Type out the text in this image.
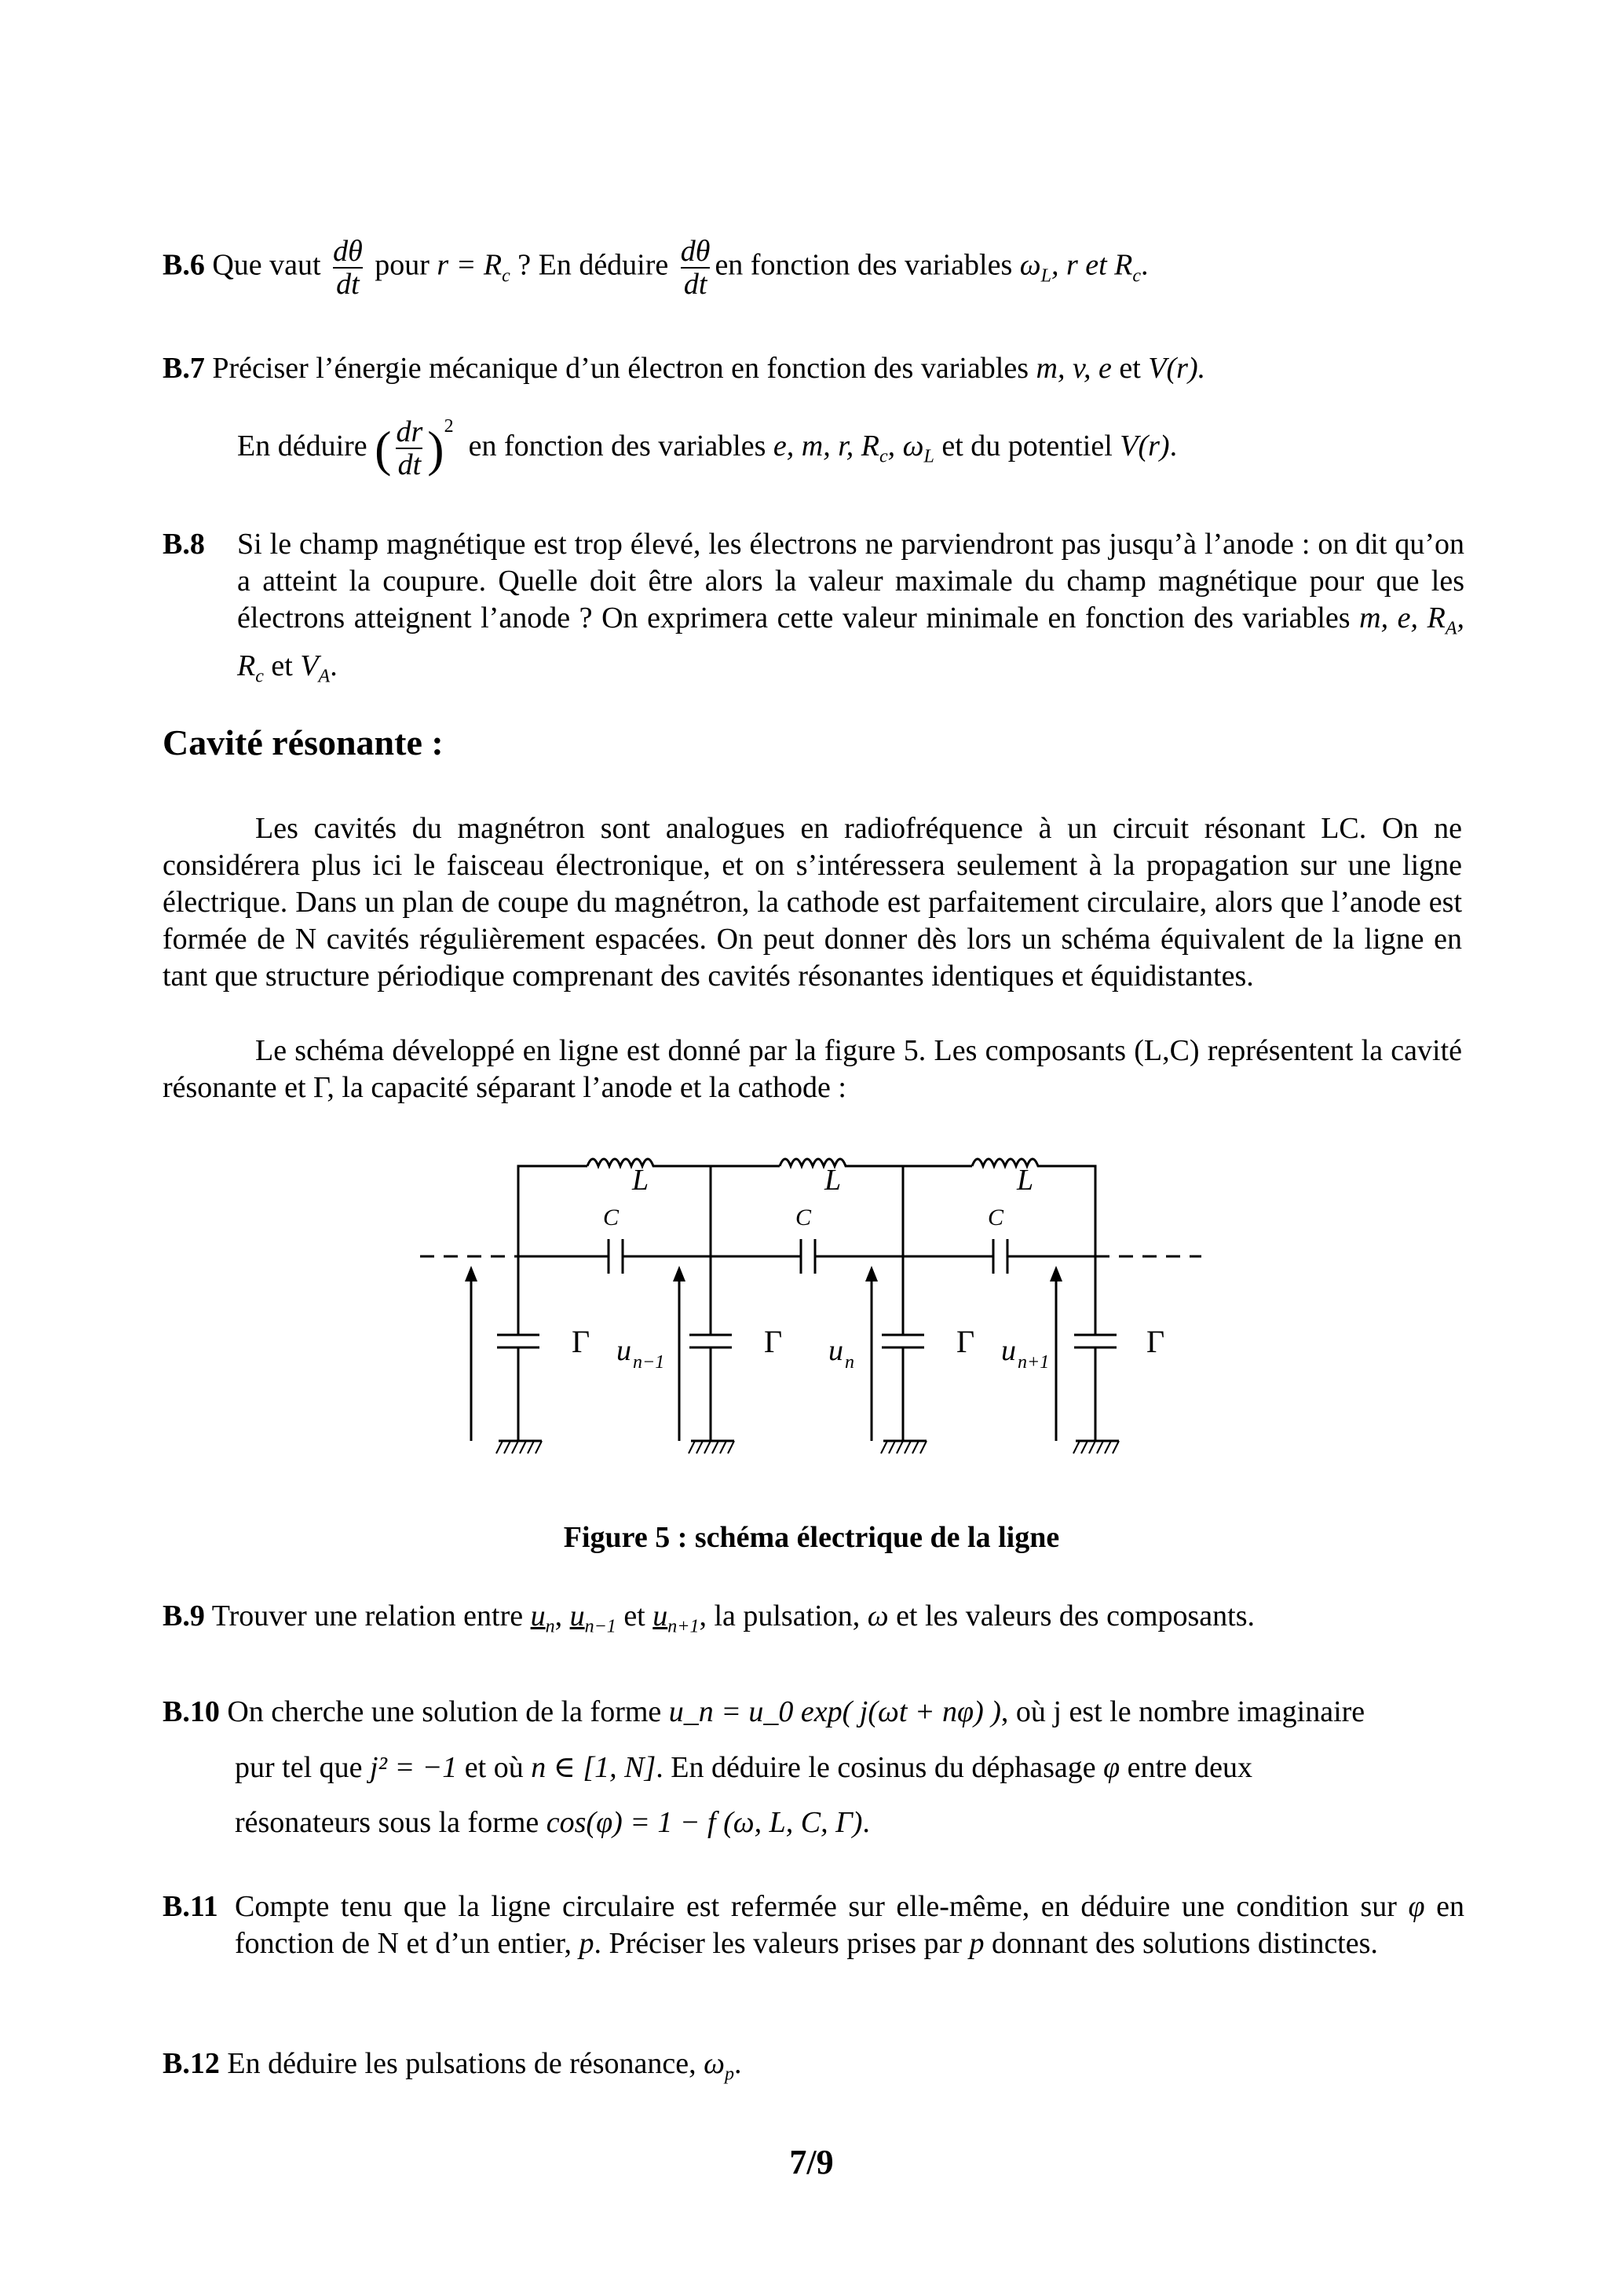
B.6 Que vaut $\frac{d\theta}{dt}$ pour $r = R_c$ ? En déduire $\frac{d\theta}{dt}$ en fonction des variables $\omega_L$, r et $R_c$.
B.7 Préciser l’énergie mécanique d’un électron en fonction des variables m, v, e et V(r).
En déduire ( $\frac{dr}{dt} )^2$  en fonction des variables e, m, r, $R_c$, $\omega_L$ et du potentiel V(r).
B.8	Si le champ magnétique est trop élevé, les électrons ne parviendront pas jusqu’à l’anode : on dit qu’on a atteint la coupure. Quelle doit être alors la valeur maximale du champ magnétique pour que les électrons atteignent l’anode ? On exprimera cette valeur minimale en fonction des variables m, e, $R_A$, $R_c$ et $V_A$.
Cavité résonante :
Les cavités du magnétron sont analogues en radiofréquence à un circuit résonant LC. On ne considérera plus ici le faisceau électronique, et on s’intéressera seulement à la propagation sur une ligne électrique. Dans un plan de coupe du magnétron, la cathode est parfaitement circulaire, alors que l’anode est formée de N cavités régulièrement espacées. On peut donner dès lors un schéma équivalent de la ligne en tant que structure périodique comprenant des cavités résonantes identiques et équidistantes.
Le schéma développé en ligne est donné par la figure 5. Les composants (L,C) représentent la cavité résonante et Γ, la capacité séparant l’anode et la cathode :
L	L	L
C	C	C
Γ	Γ	Γ	Γ
u n−1	u n	u n+1
Figure 5 : schéma électrique de la ligne
B.9 Trouver une relation entre $u_n$, $u_{n-1}$ et $u_{n+1}$, la pulsation, ω et les valeurs des composants.
B.10 On cherche une solution de la forme u_n = u_0 exp( j(ωt + nφ) ), où j est le nombre imaginaire
pur tel que j² = −1 et où n ∈ [1, N]. En déduire le cosinus du déphasage φ entre deux
résonateurs sous la forme cos(φ) = 1 − f (ω, L, C, Γ).
B.11 Compte tenu que la ligne circulaire est refermée sur elle-même, en déduire une condition sur φ en fonction de N et d’un entier, p. Préciser les valeurs prises par p donnant des solutions distinctes.
B.12 En déduire les pulsations de résonance, $\omega_p$.
7/9
